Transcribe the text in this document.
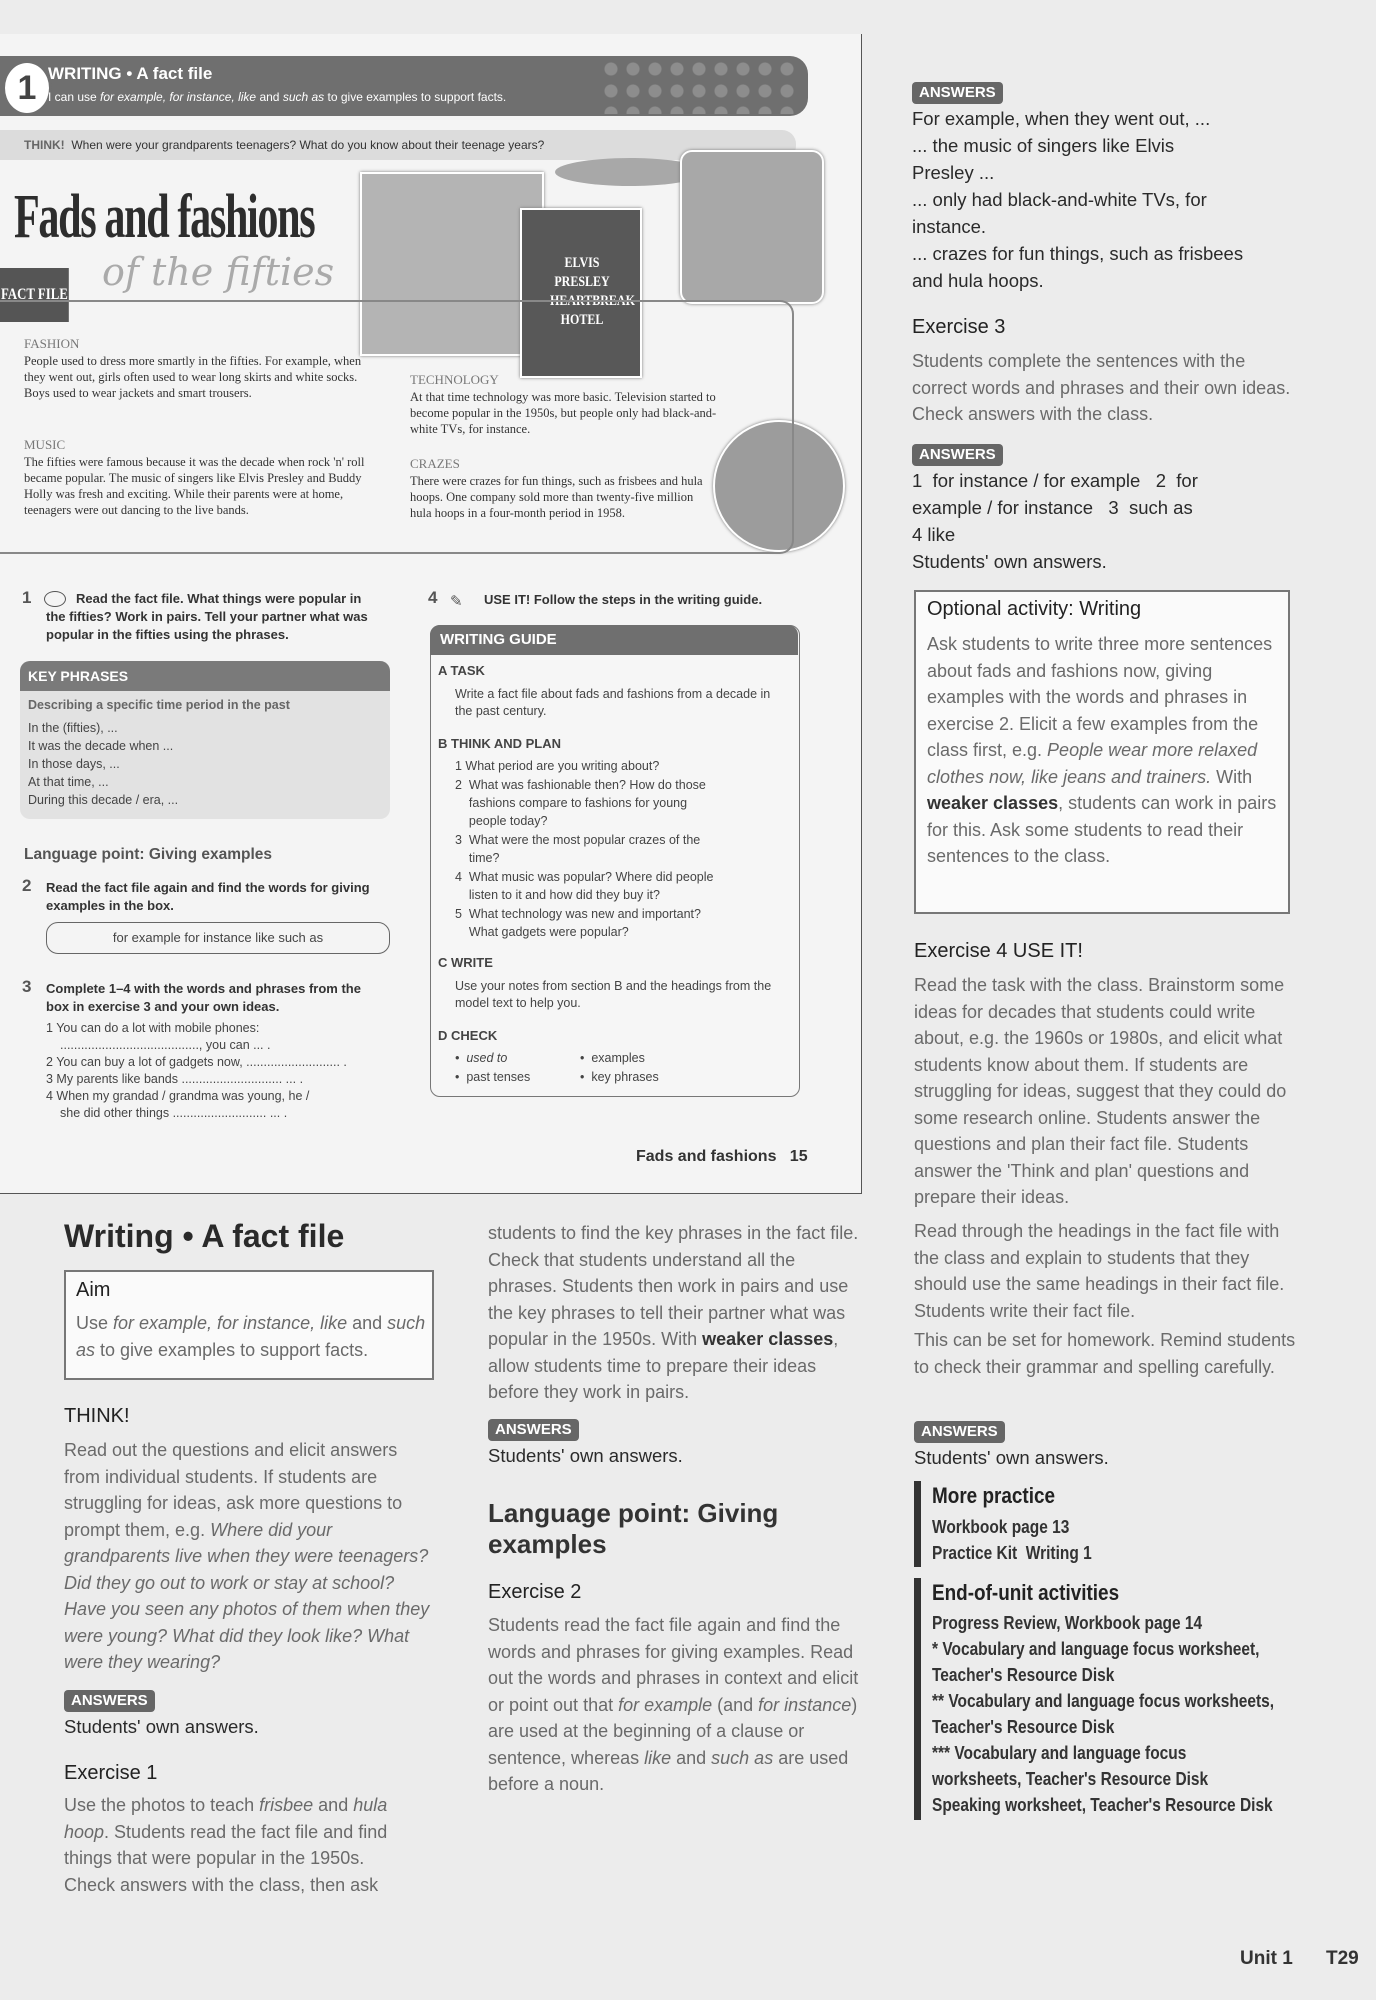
1 WRITING • A fact file
I can use for example, for instance, like and such as to give examples to support facts.
THINK! When were your grandparents teenagers? What do you know about their teenage years?
ELVIS PRESLEY HEARTBREAK HOTEL
Fads and fashions
of the fifties
FACT FILE
FASHION
People used to dress more smartly in the fifties. For example, when they went out, girls often used to wear long skirts and white socks. Boys used to wear jackets and smart trousers.
MUSIC
The fifties were famous because it was the decade when rock 'n' roll became popular. The music of singers like Elvis Presley and Buddy Holly was fresh and exciting. While their parents were at home, teenagers were out dancing to the live bands.
TECHNOLOGY
At that time technology was more basic. Television started to become popular in the 1950s, but people only had black-and-white TVs, for instance.
CRAZES
There were crazes for fun things, such as frisbees and hula hoops. One company sold more than twenty-five million hula hoops in a four-month period in 1958.
1	Read the fact file. What things were popular in the fifties? Work in pairs. Tell your partner what was popular in the fifties using the phrases.
KEY PHRASES
Describing a specific time period in the past
In the (fifties), ...
It was the decade when ...
In those days, ...
At that time, ...
During this decade / era, ...
Language point: Giving examples
2 Read the fact file again and find the words for giving examples in the box.
for example for instance like such as
3 Complete 1–4 with the words and phrases from the box in exercise 3 and your own ideas.
1 You can do a lot with mobile phones:
........................................, you can ... .
2 You can buy a lot of gadgets now, ........................... .
3 My parents like bands ............................. ... .
4 When my grandad / grandma was young, he /
she did other things ........................... ... .
4 ✎ USE IT! Follow the steps in the writing guide.
WRITING GUIDE
A TASK
Write a fact file about fads and fashions from a decade in the past century.
B THINK AND PLAN
1 What period are you writing about?
2  What was fashionable then? How do those
fashions compare to fashions for young
people today?
3  What were the most popular crazes of the
time?
4  What music was popular? Where did people
listen to it and how did they buy it?
5  What technology was new and important?
What gadgets were popular?
C WRITE
Use your notes from section B and the headings from the model text to help you.
D CHECK
•  used to
•  past tenses
•  examples
•  key phrases
Fads and fashions   15
Writing • A fact file
Aim
Use for example, for instance, like and such as to give examples to support facts.
THINK!
Read out the questions and elicit answers from individual students. If students are struggling for ideas, ask more questions to prompt them, e.g. Where did your grandparents live when they were teenagers? Did they go out to work or stay at school? Have you seen any photos of them when they were young? What did they look like? What were they wearing?
ANSWERS
Students' own answers.
Exercise 1
Use the photos to teach frisbee and hula hoop. Students read the fact file and find things that were popular in the 1950s. Check answers with the class, then ask
students to find the key phrases in the fact file. Check that students understand all the phrases. Students then work in pairs and use the key phrases to tell their partner what was popular in the 1950s. With weaker classes, allow students time to prepare their ideas before they work in pairs.
ANSWERS
Students' own answers.
Language point: Giving examples
Exercise 2
Students read the fact file again and find the words and phrases for giving examples. Read out the words and phrases in context and elicit or point out that for example (and for instance) are used at the beginning of a clause or sentence, whereas like and such as are used before a noun.
ANSWERS
For example, when they went out, ...
... the music of singers like Elvis
Presley ...
... only had black-and-white TVs, for
instance.
... crazes for fun things, such as frisbees
and hula hoops.
Exercise 3
Students complete the sentences with the correct words and phrases and their own ideas. Check answers with the class.
ANSWERS
1  for instance / for example   2  for
example / for instance   3  such as
4 like
Students' own answers.
Optional activity: Writing
Ask students to write three more sentences about fads and fashions now, giving examples with the words and phrases in exercise 2. Elicit a few examples from the class first, e.g. People wear more relaxed clothes now, like jeans and trainers. With weaker classes, students can work in pairs for this. Ask some students to read their sentences to the class.
Exercise 4 USE IT!
Read the task with the class. Brainstorm some ideas for decades that students could write about, e.g. the 1960s or 1980s, and elicit what students know about them. If students are struggling for ideas, suggest that they could do some research online. Students answer the questions and plan their fact file. Students answer the 'Think and plan' questions and prepare their ideas.
Read through the headings in the fact file with the class and explain to students that they should use the same headings in their fact file. Students write their fact file.
This can be set for homework. Remind students to check their grammar and spelling carefully.
ANSWERS
Students' own answers.
More practice
Workbook page 13
Practice Kit  Writing 1
End-of-unit activities
Progress Review, Workbook page 14
* Vocabulary and language focus worksheet,
Teacher's Resource Disk
** Vocabulary and language focus worksheets,
Teacher's Resource Disk
*** Vocabulary and language focus
worksheets, Teacher's Resource Disk
Speaking worksheet, Teacher's Resource Disk
Unit 1 T29
